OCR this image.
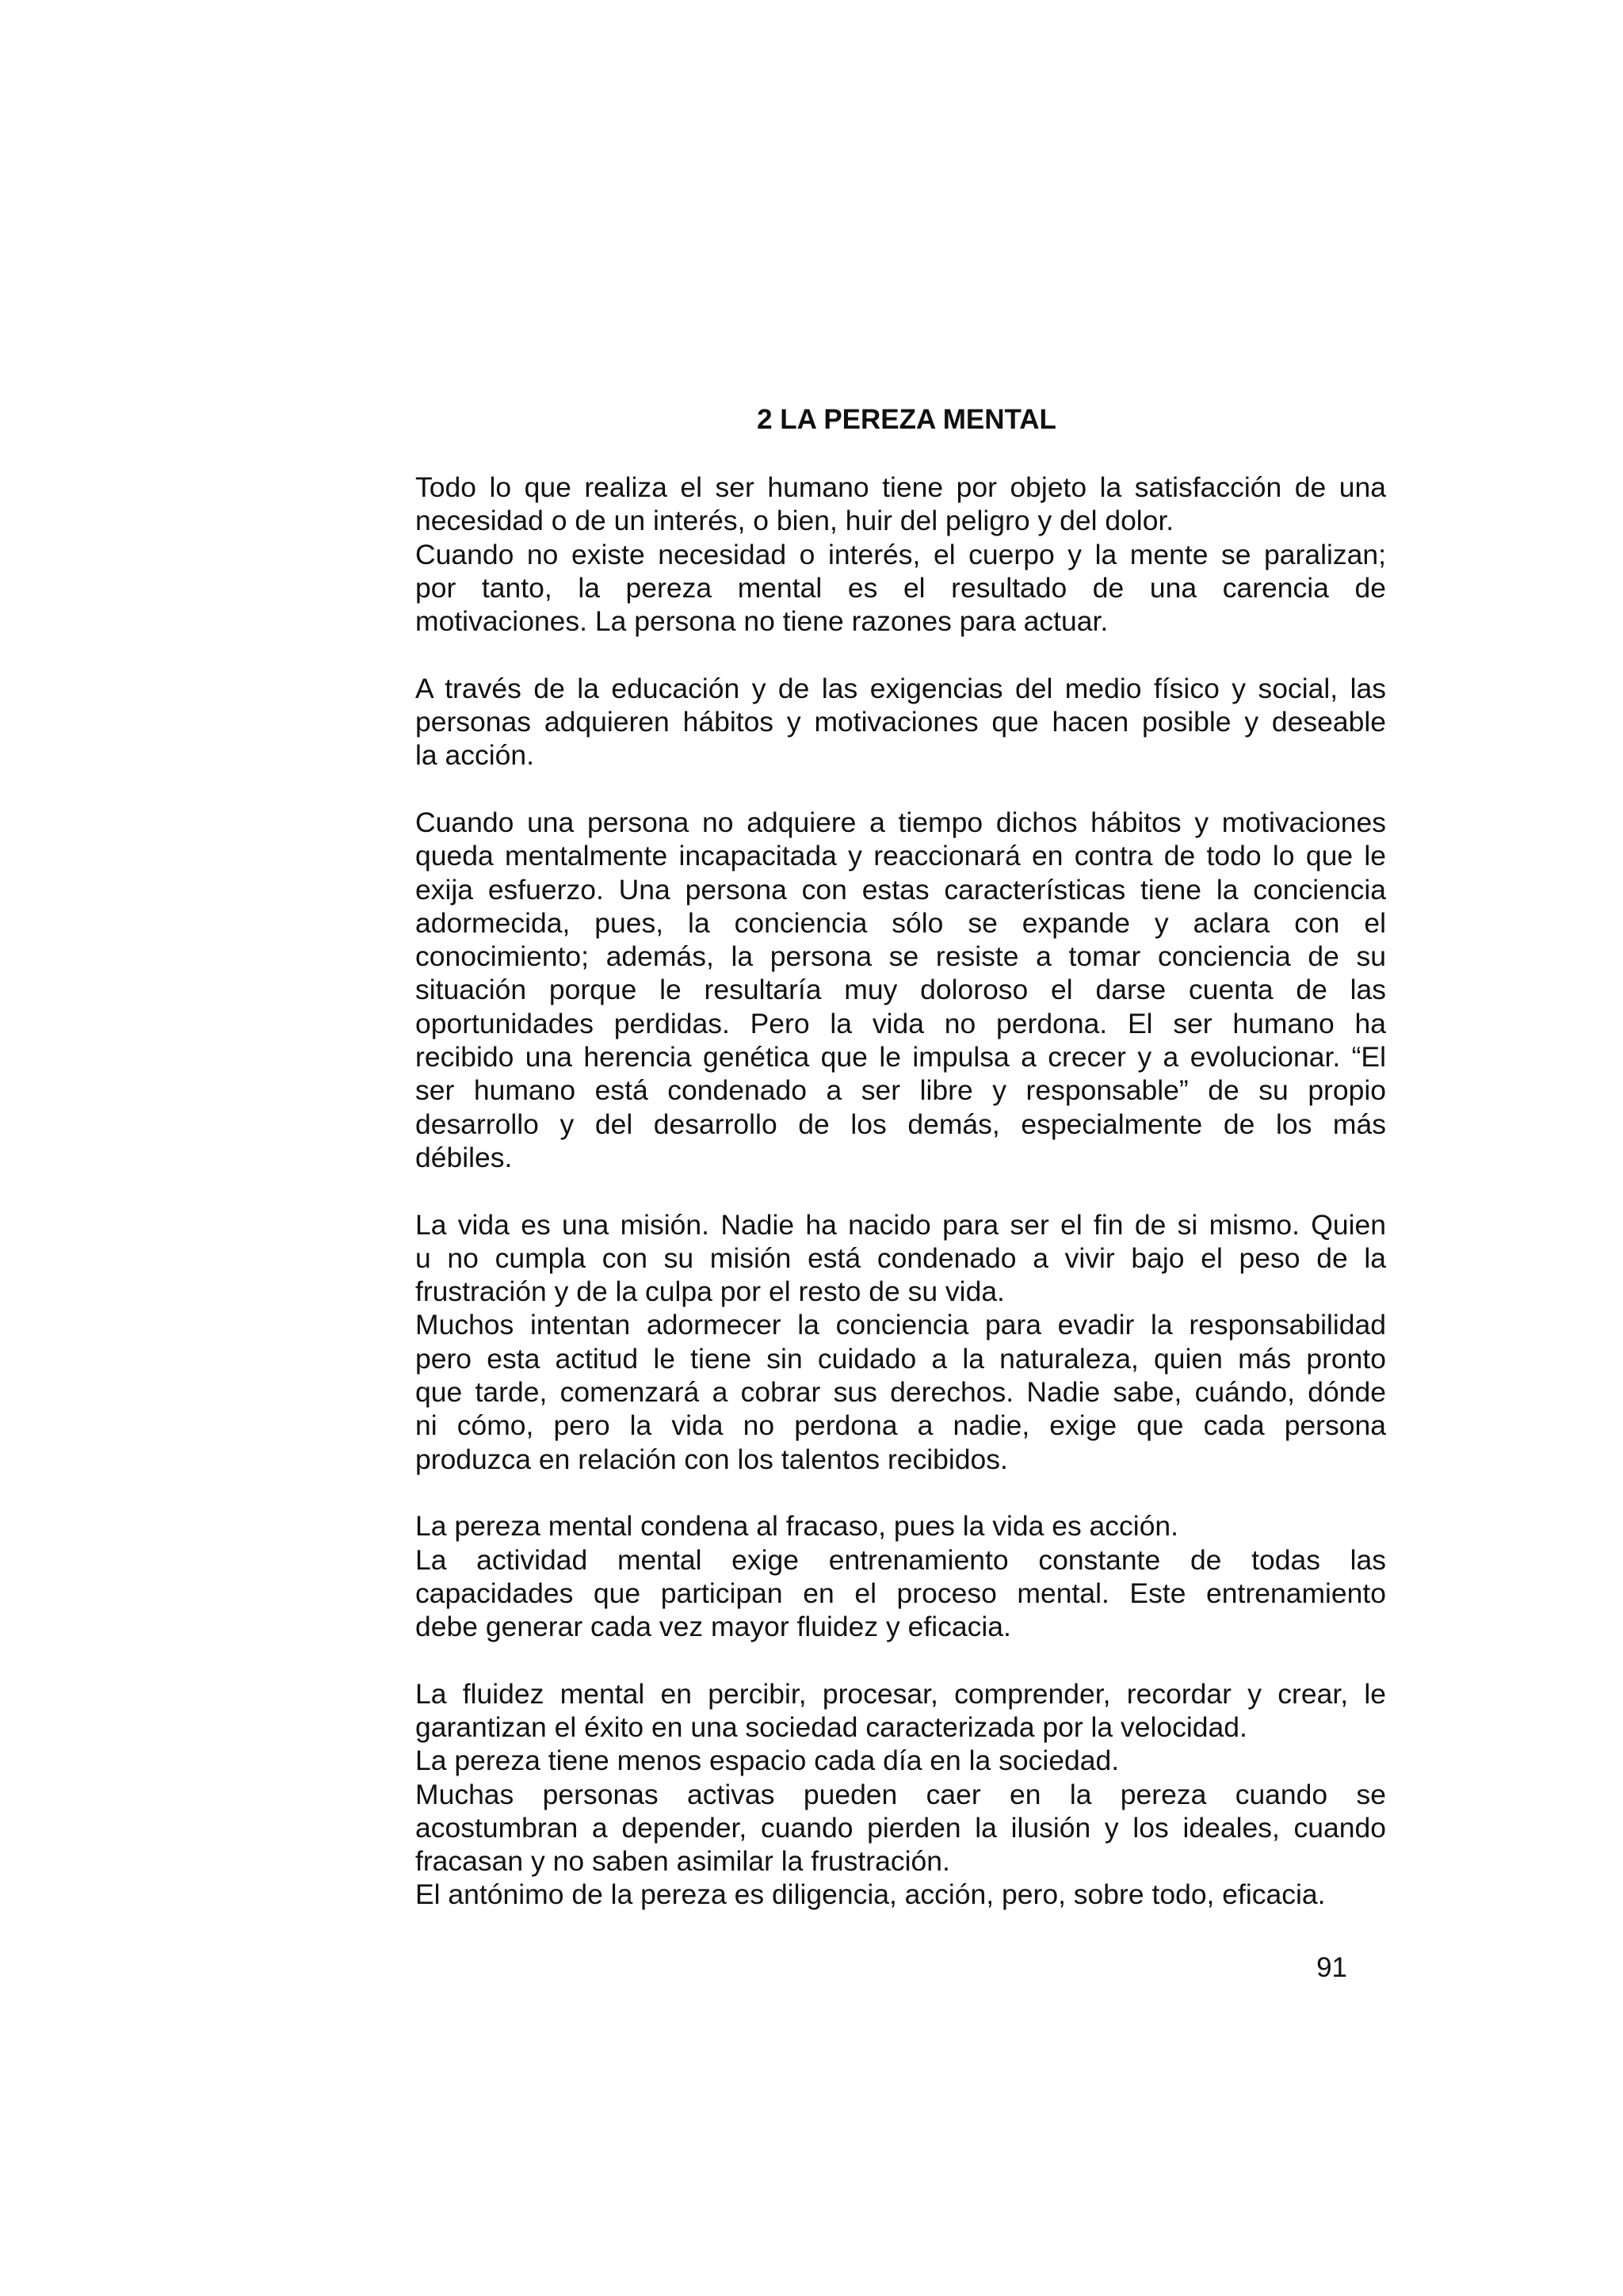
2 LA PEREZA MENTAL

Todo lo que realiza el ser humano tiene por objeto la satisfacción de una
necesidad o de un interés, o bien, huir del peligro y del dolor.
Cuando no existe necesidad o interés, el cuerpo y la mente se paralizan;
por tanto, la pereza mental es el resultado de una carencia de
motivaciones. La persona no tiene razones para actuar.

A través de la educación y de las exigencias del medio físico y social, las
personas adquieren hábitos y motivaciones que hacen posible y deseable
la acción.

Cuando una persona no adquiere a tiempo dichos hábitos y motivaciones
queda mentalmente incapacitada y reaccionará en contra de todo lo que le
exija esfuerzo. Una persona con estas características tiene la conciencia
adormecida, pues, la conciencia sólo se expande y aclara con el
conocimiento; además, la persona se resiste a tomar conciencia de su
situación porque le resultaría muy doloroso el darse cuenta de las
oportunidades perdidas. Pero la vida no perdona. El ser humano ha
recibido una herencia genética que le impulsa a crecer y a evolucionar. “El
ser humano está condenado a ser libre y responsable” de su propio
desarrollo y del desarrollo de los demás, especialmente de los más
débiles.

La vida es una misión. Nadie ha nacido para ser el fin de si mismo. Quien
u no cumpla con su misión está condenado a vivir bajo el peso de la
frustración y de la culpa por el resto de su vida.
Muchos intentan adormecer la conciencia para evadir la responsabilidad
pero esta actitud le tiene sin cuidado a la naturaleza, quien más pronto
que tarde, comenzará a cobrar sus derechos. Nadie sabe, cuándo, dónde
ni cómo, pero la vida no perdona a nadie, exige que cada persona
produzca en relación con los talentos recibidos.

La pereza mental condena al fracaso, pues la vida es acción.
La actividad mental exige entrenamiento constante de todas las
capacidades que participan en el proceso mental. Este entrenamiento
debe generar cada vez mayor fluidez y eficacia.

La fluidez mental en percibir, procesar, comprender, recordar y crear, le
garantizan el éxito en una sociedad caracterizada por la velocidad.
La pereza tiene menos espacio cada día en la sociedad.
Muchas personas activas pueden caer en la pereza cuando se
acostumbran a depender, cuando pierden la ilusión y los ideales, cuando
fracasan y no saben asimilar la frustración.
El antónimo de la pereza es diligencia, acción, pero, sobre todo, eficacia.

91
